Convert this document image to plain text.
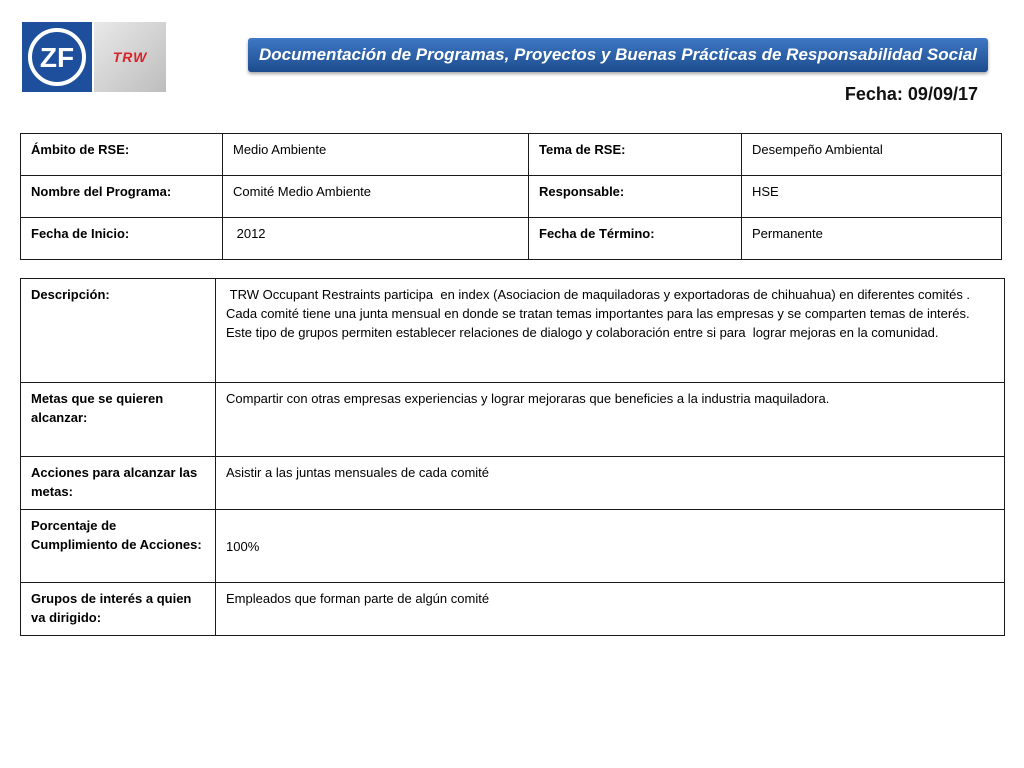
ZF	TRW	Documentación de Programas, Proyectos y Buenas Prácticas de Responsabilidad Social
Fecha: 09/09/17
Ámbito de RSE:	Medio Ambiente	Tema de RSE:	Desempeño Ambiental
Nombre del Programa:	Comité Medio Ambiente	Responsable:	HSE
Fecha de Inicio:	2012	Fecha de Término:	Permanente
Descripción:	TRW Occupant Restraints participa  en index (Asociacion de maquiladoras y exportadoras de chihuahua) en diferentes comités . Cada comité tiene una junta mensual en donde se tratan temas importantes para las empresas y se comparten temas de interés. Este tipo de grupos permiten establecer relaciones de dialogo y colaboración entre si para  lograr mejoras en la comunidad.
Metas que se quieren alcanzar:	Compartir con otras empresas experiencias y lograr mejoraras que beneficies a la industria maquiladora.
Acciones para alcanzar las metas:	Asistir a las juntas mensuales de cada comité
Porcentaje de Cumplimiento de Acciones:	100%
Grupos de interés a quien va dirigido:	Empleados que forman parte de algún comité
